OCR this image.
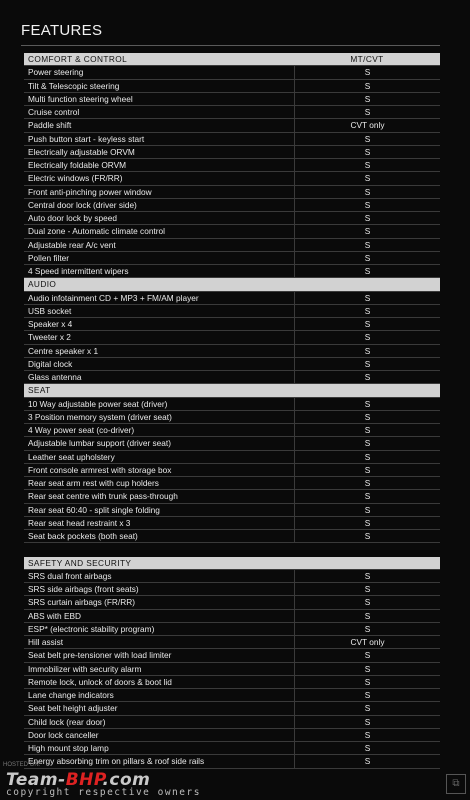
FEATURES
COMFORT & CONTROL	MT/CVT
Power steering	S
Tilt & Telescopic steering	S
Multi function steering wheel	S
Cruise control	S
Paddle shift	CVT only
Push button start - keyless start	S
Electrically adjustable ORVM	S
Electrically foldable ORVM	S
Electric windows (FR/RR)	S
Front anti-pinching power window	S
Central door lock (driver side)	S
Auto door lock by speed	S
Dual zone - Automatic climate control	S
Adjustable rear A/c vent	S
Pollen filter	S
4 Speed intermittent wipers	S
AUDIO
Audio infotainment CD + MP3 + FM/AM player	S
USB socket	S
Speaker x 4	S
Tweeter x 2	S
Centre speaker x 1	S
Digital clock	S
Glass antenna	S
SEAT
10 Way adjustable power seat (driver)	S
3 Position memory system (driver seat)	S
4 Way power seat (co-driver)	S
Adjustable lumbar support (driver seat)	S
Leather seat upholstery	S
Front console armrest with storage box	S
Rear seat arm rest with cup holders	S
Rear seat centre with trunk pass-through	S
Rear seat 60:40 - split single folding	S
Rear seat head restraint x 3	S
Seat back pockets (both seat)	S
SAFETY AND SECURITY
SRS dual front airbags	S
SRS side airbags (front seats)	S
SRS curtain airbags (FR/RR)	S
ABS with EBD	S
ESP* (electronic stability program)	S
Hill assist	CVT only
Seat belt pre-tensioner with load limiter	S
Immobilizer with security alarm	S
Remote lock, unlock of doors & boot lid	S
Lane change indicators	S
Seat belt height adjuster	S
Child lock (rear door)	S
Door lock canceller	S
High mount stop lamp	S
Energy absorbing trim on pillars & roof side rails	S
HOSTED ON:
Team-BHP.com
copyright respective owners
⧉
